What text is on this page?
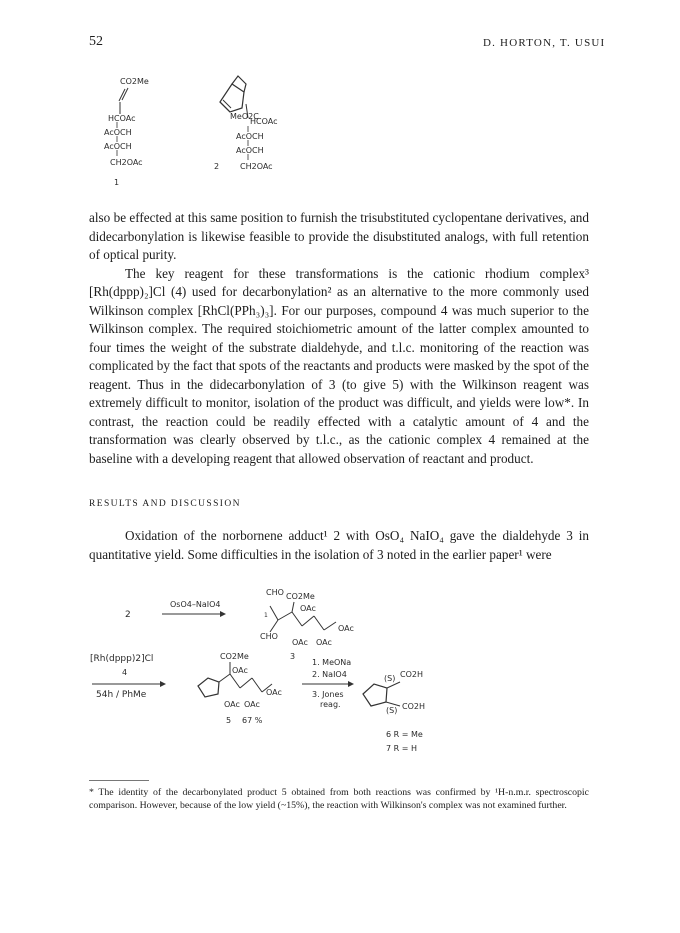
52	D. HORTON, T. USUI
CO2Me
HCOAc
AcOCH
AcOCH
CH2OAc
1
MeO2C
HCOAc
AcOCH
AcOCH
CH2OAc
2

also be effected at this same position to furnish the trisubstituted cyclopentane derivatives, and didecarbonylation is likewise feasible to provide the disubstituted analogs, with full retention of optical purity.

The key reagent for these transformations is the cationic rhodium complex³ [Rh(dppp)₂]Cl (4) used for decarbonylation² as an alternative to the more commonly used Wilkinson complex [RhCl(PPh₃)₃]. For our purposes, compound 4 was much superior to the Wilkinson complex. The required stoichiometric amount of the latter complex amounted to four times the weight of the substrate dialdehyde, and t.l.c. monitoring of the reaction was complicated by the fact that spots of the reactants and products were masked by the spot of the reagent. Thus in the didecarbonylation of 3 (to give 5) with the Wilkinson reagent was extremely difficult to monitor, isolation of the product was difficult, and yields were low*. In contrast, the reaction could be readily effected with a catalytic amount of 4 and the transformation was clearly observed by t.l.c., as the cationic complex 4 remained at the baseline with a developing reagent that allowed observation of reactant and product.

RESULTS AND DISCUSSION

Oxidation of the norbornene adduct¹ 2 with OsO₄ NaIO₄ gave the dialdehyde 3 in quantitative yield. Some difficulties in the isolation of 3 noted in the earlier paper¹ were

2
OsO4–NaIO4
CHO CO2Me
OAc
OAc
CHO
OAc OAc
1
3
[Rh(dppp)2]Cl
4
54h / PhMe
CO2Me
OAc
OAc
OAc OAc
5 67 %
1. MeONa
2. NaIO4
3. Jones
reag.
(S) CO2H
(S) CO2H
6 R = Me
7 R = H
* The identity of the decarbonylated product 5 obtained from both reactions was confirmed by ¹H-n.m.r. spectroscopic comparison. However, because of the low yield (~15%), the reaction with Wilkinson's complex was not examined further.
